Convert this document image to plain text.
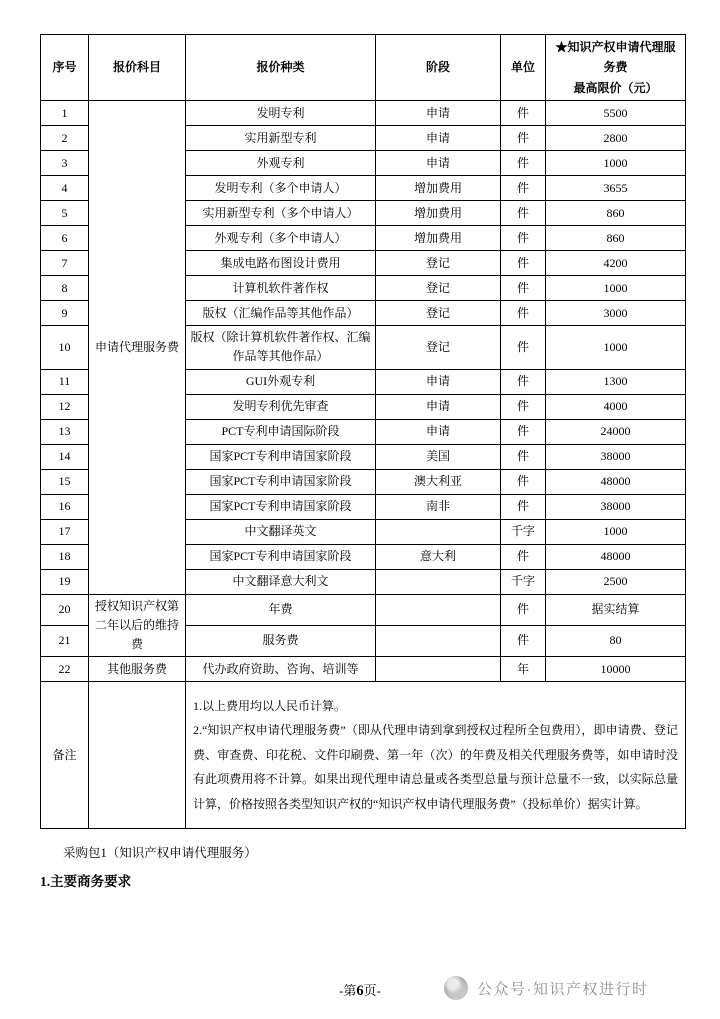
序号	报价科目	报价种类	阶段	单位	★知识产权申请代理服务费
最高限价（元）

1	申请代理服务费	发明专利	申请	件	5500
2		实用新型专利	申请	件	2800
3		外观专利	申请	件	1000
4		发明专利（多个申请人）	增加费用	件	3655
5		实用新型专利（多个申请人）	增加费用	件	860
6		外观专利（多个申请人）	增加费用	件	860
7		集成电路布图设计费用	登记	件	4200
8		计算机软件著作权	登记	件	1000
9		版权（汇编作品等其他作品）	登记	件	3000
10		版权（除计算机软件著作权、汇编作品等其他作品）	登记	件	1000
11		GUI外观专利	申请	件	1300
12		发明专利优先审查	申请	件	4000
13		PCT专利申请国际阶段	申请	件	24000
14		国家PCT专利申请国家阶段	美国	件	38000
15		国家PCT专利申请国家阶段	澳大利亚	件	48000
16		国家PCT专利申请国家阶段	南非	件	38000
17		中文翻译英文		千字	1000
18		国家PCT专利申请国家阶段	意大利	件	48000
19		中文翻译意大利文		千字	2500
20	授权知识产权第二年以后的维持费	年费		件	据实结算
21		服务费		件	80
22	其他服务费	代办政府资助、咨询、培训等		年	10000
备注		1.以上费用均以人民币计算。

2.“知识产权申请代理服务费”（即从代理申请到拿到授权过程所全包费用），即申请费、登记费、审查费、印花税、文件印刷费、第一年（次）的年费及相关代理服务费等，如申请时没有此项费用将不计算。如果出现代理申请总量或各类型总量与预计总量不一致，以实际总量计算，价格按照各类型知识产权的“知识产权申请代理服务费”（投标单价）据实计算。			

采购包1（知识产权申请代理服务）
1.主要商务要求
-第6页-	公众号·知识产权进行时
